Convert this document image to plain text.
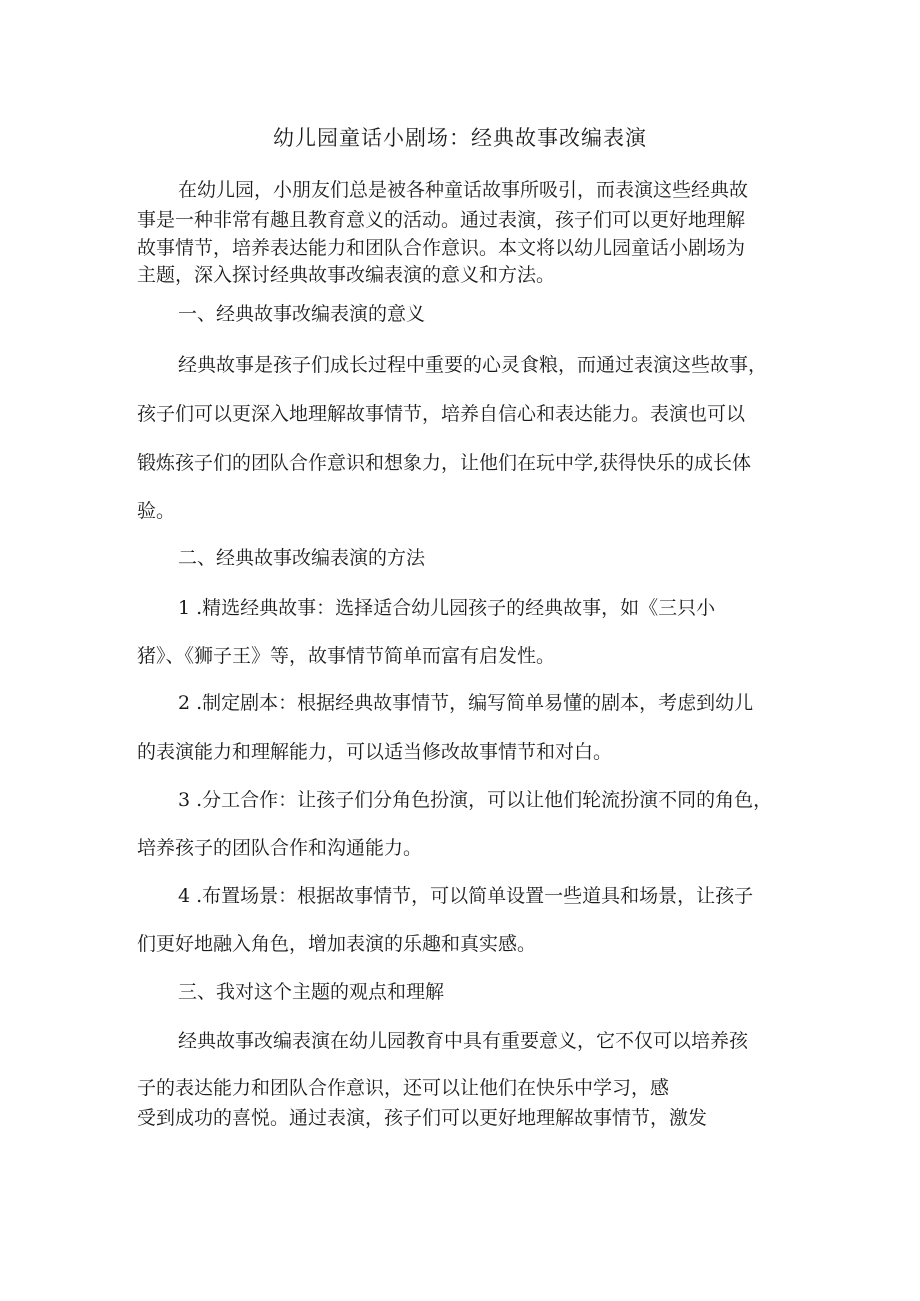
幼儿园童话小剧场：经典故事改编表演
在幼儿园，小朋友们总是被各种童话故事所吸引，而表演这些经典故
事是一种非常有趣且教育意义的活动。通过表演，孩子们可以更好地理解
故事情节，培养表达能力和团队合作意识。本文将以幼儿园童话小剧场为
主题，深入探讨经典故事改编表演的意义和方法。
一、经典故事改编表演的意义
经典故事是孩子们成长过程中重要的心灵食粮，而通过表演这些故事，
孩子们可以更深入地理解故事情节，培养自信心和表达能力。表演也可以
锻炼孩子们的团队合作意识和想象力，让他们在玩中学,获得快乐的成长体
验。
二、经典故事改编表演的方法
1 .精选经典故事：选择适合幼儿园孩子的经典故事，如《三只小
猪》、《狮子王》等，故事情节简单而富有启发性。
2 .制定剧本：根据经典故事情节，编写简单易懂的剧本，考虑到幼儿
的表演能力和理解能力，可以适当修改故事情节和对白。
3 .分工合作：让孩子们分角色扮演，可以让他们轮流扮演不同的角色，
培养孩子的团队合作和沟通能力。
4 .布置场景：根据故事情节，可以简单设置一些道具和场景，让孩子
们更好地融入角色，增加表演的乐趣和真实感。
三、我对这个主题的观点和理解
经典故事改编表演在幼儿园教育中具有重要意义，它不仅可以培养孩
子的表达能力和团队合作意识，还可以让他们在快乐中学习，感
受到成功的喜悦。通过表演，孩子们可以更好地理解故事情节，激发
